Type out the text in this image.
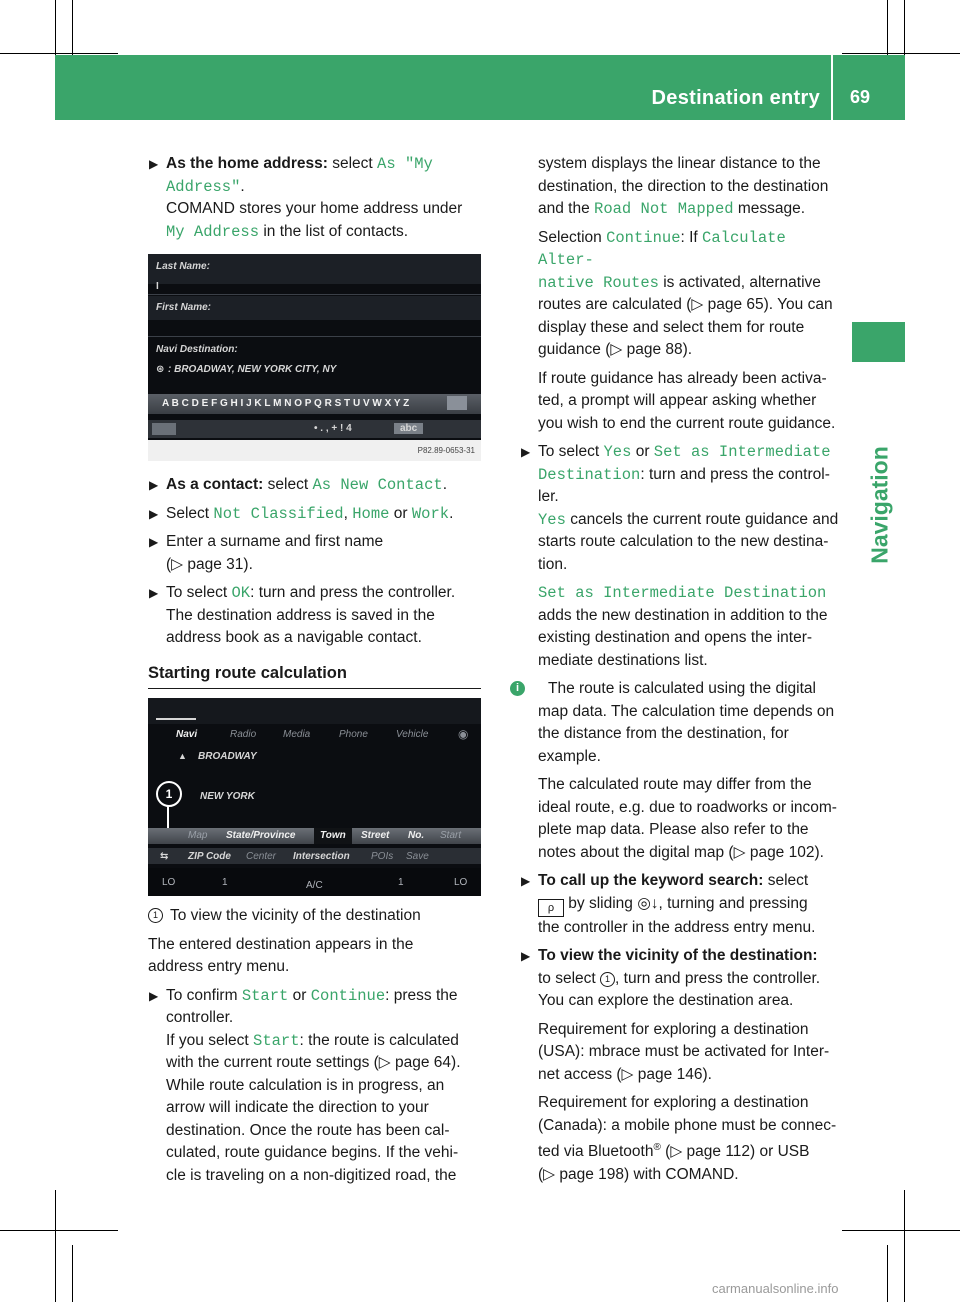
Destination entry 69
Navigation
▶ As the home address: select As "My

Address".

COMAND stores your home address under

My Address in the list of contacts.

Last Name:
I
First Name:
Navi Destination:
⊛ : BROADWAY, NEW YORK CITY, NY
A B C D E F G H I J K L M N O P Q R S T U V W X Y Z
• . , + ! 4	abc
P82.89-0653-31
▶ As a contact: select As New Contact.

▶ Select Not Classified, Home or Work.

▶ Enter a surname and first name

(▷ page 31).

▶ To select OK: turn and press the controller.

The destination address is saved in the

address book as a navigable contact.

Starting route calculation
Navi	Radio	Media	Phone	Vehicle ◉
▲ BROADWAY
NEW YORK
1
Map State/Province Town Street No. Start
⇆ ZIP Code Center Intersection POIs Save
LO	1	A/C	1	LO
1 To view the vicinity of the destination

The entered destination appears in the

address entry menu.

▶ To confirm Start or Continue: press the

controller.

If you select Start: the route is calculated

with the current route settings (▷ page 64).

While route calculation is in progress, an

arrow will indicate the direction to your

destination. Once the route has been cal-

culated, route guidance begins. If the vehi-

cle is traveling on a non-digitized road, the

system displays the linear distance to the

destination, the direction to the destination

and the Road Not Mapped message.

Selection Continue: If Calculate Alter‐

native Routes is activated, alternative

routes are calculated (▷ page 65). You can

display these and select them for route

guidance (▷ page 88).

If route guidance has already been activa-

ted, a prompt will appear asking whether

you wish to end the current route guidance.

▶ To select Yes or Set as Intermediate

Destination: turn and press the control-

ler.

Yes cancels the current route guidance and

starts route calculation to the new destina-

tion.

Set as Intermediate Destination

adds the new destination in addition to the

existing destination and opens the inter-

mediate destinations list.

i	The route is calculated using the digital

map data. The calculation time depends on

the distance from the destination, for

example.

The calculated route may differ from the

ideal route, e.g. due to roadworks or incom-

plete map data. Please also refer to the

notes about the digital map (▷ page 102).

▶ To call up the keyword search: select

ρ by sliding ◎↓, turning and pressing

the controller in the address entry menu.

▶ To view the vicinity of the destination:

to select 1 , turn and press the controller.

You can explore the destination area.

Requirement for exploring a destination

(USA): mbrace must be activated for Inter-

net access (▷ page 146).

Requirement for exploring a destination

(Canada): a mobile phone must be connec-

ted via Bluetooth® (▷ page 112) or USB

(▷ page 198) with COMAND.

carmanualsonline.info
